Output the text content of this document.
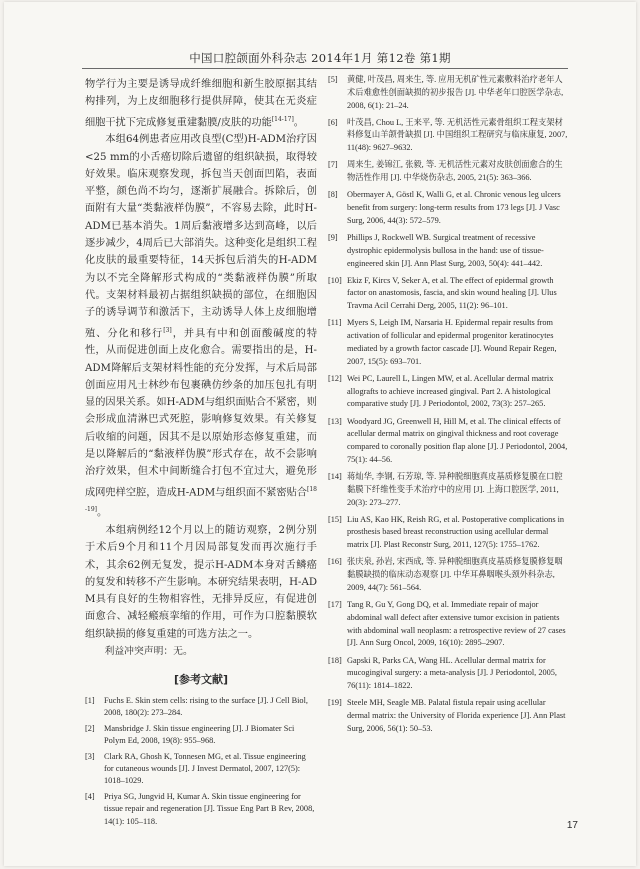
中国口腔颌面外科杂志 2014年1月 第12卷 第1期

物学行为主要是诱导成纤维细胞和新生胶原据其结构排列，为上皮细胞移行提供屏障，使其在无炎症细胞干扰下完成修复重建黏膜/皮肤的功能[14-17]。

本组64例患者应用改良型(C型)H-ADM治疗因<25 mm的小舌癌切除后遗留的组织缺损，取得较好效果。临床观察发现，拆包当天创面凹陷，表面平整，颜色尚不均匀，逐渐扩展融合。拆除后，创面附有大量“类黏液样伪膜”，不容易去除，此时H-ADM已基本消失。1周后黏液增多达到高峰，以后逐步减少，4周后已大部消失。这种变化是组织工程化皮肤的最重要特征，14天拆包后消失的H-ADM为以不完全降解形式构成的“类黏液样伪膜”所取代。支架材料最初占据组织缺损的部位，在细胞因子的诱导调节和激活下，主动诱导人体上皮细胞增殖、分化和移行[3]，并具有中和创面酸碱度的特性，从而促进创面上皮化愈合。需要指出的是，H-ADM降解后支架材料性能的充分发挥，与术后局部创面应用凡士林纱布包裹碘仿纱条的加压包扎有明显的因果关系。如H-ADM与组织面贴合不紧密，则会形成血清淋巴式死腔，影响修复效果。有关修复后收缩的问题，因其不是以原始形态修复重建，而是以降解后的“黏液样伪膜”形式存在，故不会影响治疗效果，但术中间断缝合打包不宜过大，避免形成网兜样空腔，造成H-ADM与组织面不紧密贴合[18-19]。

本组病例经12个月以上的随访观察，2例分别于术后9个月和11个月因局部复发而再次施行手术，其余62例无复发，提示H-ADM本身对舌鳞癌的复发和转移不产生影响。本研究结果表明，H-ADM具有良好的生物相容性，无排异反应，有促进创面愈合、减轻瘢痕挛缩的作用，可作为口腔黏膜软组织缺损的修复重建的可选方法之一。

利益冲突声明：无。

[参考文献]
[1]	Fuchs E. Skin stem cells: rising to the surface [J]. J Cell Biol, 2008, 180(2): 273–284.
[2]	Mansbridge J. Skin tissue engineering [J]. J Biomater Sci Polym Ed, 2008, 19(8): 955–968.
[3]	Clark RA, Ghosh K, Tonnesen MG, et al. Tissue engineering for cutaneous wounds [J]. J Invest Dermatol, 2007, 127(5): 1018–1029.
[4]	Priya SG, Jungvid H, Kumar A. Skin tissue engineering for tissue repair and regeneration [J]. Tissue Eng Part B Rev, 2008, 14(1): 105–118.
[5]	黄健, 叶茂昌, 周来生, 等. 应用无机矿性元素敷料治疗老年人术后难愈性创面缺损的初步报告 [J]. 中华老年口腔医学杂志, 2008, 6(1): 21–24.
[6]	叶茂昌, Chou L, 王来平, 等. 无机活性元素骨组织工程支架材料修复山羊颌骨缺损 [J]. 中国组织工程研究与临床康复, 2007, 11(48): 9627–9632.
[7]	周来生, 姜锦江, 张毅, 等. 无机活性元素对皮肤创面愈合的生物活性作用 [J]. 中华烧伤杂志, 2005, 21(5): 363–366.
[8]	Obermayer A, Göstl K, Walli G, et al. Chronic venous leg ulcers benefit from surgery: long-term results from 173 legs [J]. J Vasc Surg, 2006, 44(3): 572–579.
[9]	Phillips J, Rockwell WB. Surgical treatment of recessive dystrophic epidermolysis bullosa in the hand: use of tissue-engineered skin [J]. Ann Plast Surg, 2003, 50(4): 441–442.
[10] Ekiz F, Kircs V, Seker A, et al. The effect of epidermal growth factor on anastomosis, fascia, and skin wound healing [J]. Ulus Travma Acil Cerrahi Derg, 2005, 11(2): 96–101.
[11] Myers S, Leigh IM, Narsaria H. Epidermal repair results from activation of follicular and epidermal progenitor keratinocytes mediated by a growth factor cascade [J]. Wound Repair Regen, 2007, 15(5): 693–701.
[12] Wei PC, Laurell L, Lingen MW, et al. Acellular dermal matrix allografts to achieve increased gingival. Part 2. A histological comparative study [J]. J Periodontol, 2002, 73(3): 257–265.
[13] Woodyard JG, Greenwell H, Hill M, et al. The clinical effects of acellular dermal matrix on gingival thickness and root coverage compared to coronally position flap alone [J]. J Periodontol, 2004, 75(1): 44–56.
[14] 蒋灿华, 李钢, 石芳琼, 等. 异种脱细胞真皮基质修复膜在口腔黏膜下纤维性变手术治疗中的应用 [J]. 上海口腔医学, 2011, 20(3): 273–277.
[15] Liu AS, Kao HK, Reish RG, et al. Postoperative complications in prosthesis based breast reconstruction using acellular dermal matrix [J]. Plast Reconstr Surg, 2011, 127(5): 1755–1762.
[16] 张庆泉, 孙岩, 宋西成, 等. 异种脱细胞真皮基质修复膜修复咽黏膜缺损的临床动态观察 [J]. 中华耳鼻咽喉头颈外科杂志, 2009, 44(7): 561–564.
[17] Tang R, Gu Y, Gong DQ, et al. Immediate repair of major abdominal wall defect after extensive tumor excision in patients with abdominal wall neoplasm: a retrospective review of 27 cases [J]. Ann Surg Oncol, 2009, 16(10): 2895–2907.
[18] Gapski R, Parks CA, Wang HL. Acellular dermal matrix for mucogingival surgery: a meta-analysis [J]. J Periodontol, 2005, 76(11): 1814–1822.
[19] Steele MH, Seagle MB. Palatal fistula repair using acellular dermal matrix: the University of Florida experience [J]. Ann Plast Surg, 2006, 56(1): 50–53.
17
